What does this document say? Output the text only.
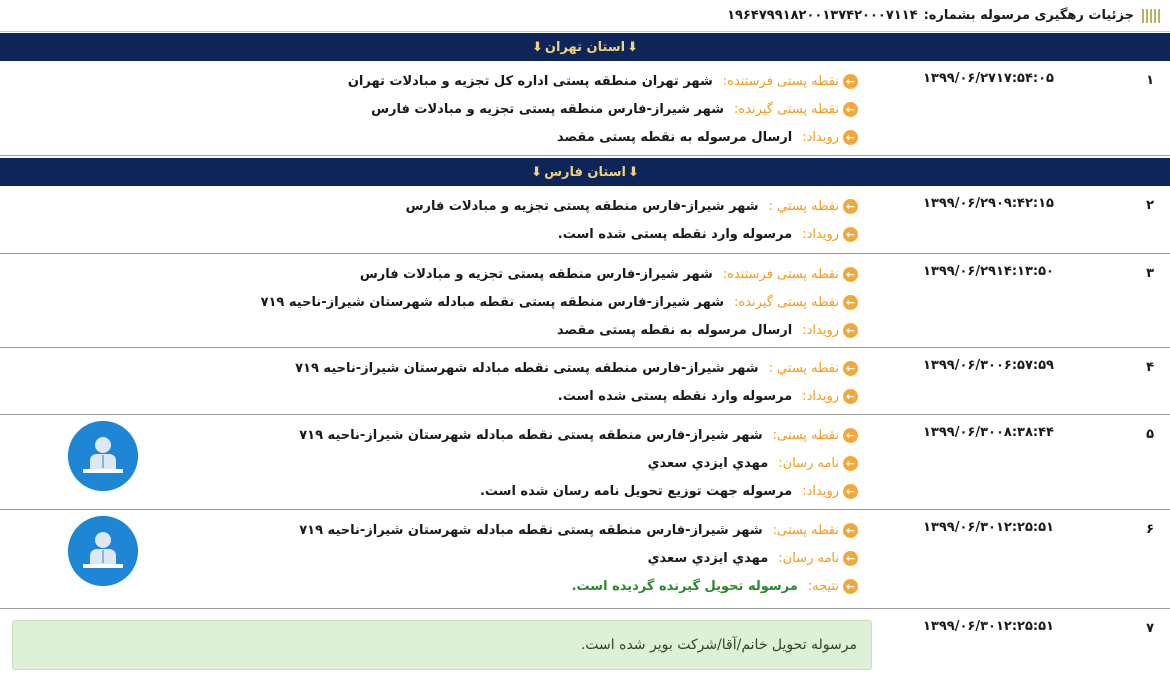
جزئیات رهگیری مرسوله بشماره:
۱۹۶۴۷۹۹۱۸۲۰۰۱۳۷۴۲۰۰۰۷۱۱۴
⬇
استان تهران
⬇
۱
۱۳۹۹/۰۶/۲۷۱۷:۵۴:۰۵
←
نقطه پستی فرستنده:
شهر تهران منطقه پستی اداره کل تجزیه و مبادلات تهران
←
نقطه پستی گیرنده:
شهر شیراز-فارس منطقه پستی تجزیه و مبادلات فارس
←
رویداد:
ارسال مرسوله به نقطه پستی مقصد
⬇
استان فارس
⬇
۲
۱۳۹۹/۰۶/۲۹۰۹:۴۲:۱۵
←
نقطه پستي :
شهر شیراز-فارس منطقه پستی تجزیه و مبادلات فارس
←
رویداد:
مرسوله وارد نقطه پستی شده است.
۳
۱۳۹۹/۰۶/۲۹۱۴:۱۳:۵۰
←
نقطه پستی فرستنده:
شهر شیراز-فارس منطقه پستی تجزیه و مبادلات فارس
←
نقطه پستی گیرنده:
شهر شیراز-فارس منطقه پستی نقطه مبادله شهرستان شیراز-ناحیه ۷۱۹
←
رویداد:
ارسال مرسوله به نقطه پستی مقصد
۴
۱۳۹۹/۰۶/۳۰۰۶:۵۷:۵۹
←
نقطه پستي :
شهر شیراز-فارس منطقه پستی نقطه مبادله شهرستان شیراز-ناحیه ۷۱۹
←
رویداد:
مرسوله وارد نقطه پستی شده است.
۵
۱۳۹۹/۰۶/۳۰۰۸:۳۸:۴۴
←
نقطه پستی:
شهر شیراز-فارس منطقه پستی نقطه مبادله شهرستان شیراز-ناحیه ۷۱۹
←
نامه رسان:
مهدي ايزدي سعدي
←
رویداد:
مرسوله جهت توزیع تحویل نامه رسان شده است.
۶
۱۳۹۹/۰۶/۳۰۱۲:۲۵:۵۱
←
نقطه پستی:
شهر شیراز-فارس منطقه پستی نقطه مبادله شهرستان شیراز-ناحیه ۷۱۹
←
نامه رسان:
مهدي ايزدي سعدي
←
نتیجه:
مرسوله تحویل گیرنده گردیده است.
۷
۱۳۹۹/۰۶/۳۰۱۲:۲۵:۵۱
مرسوله تحویل خانم/آقا/شرکت بویر شده است.
